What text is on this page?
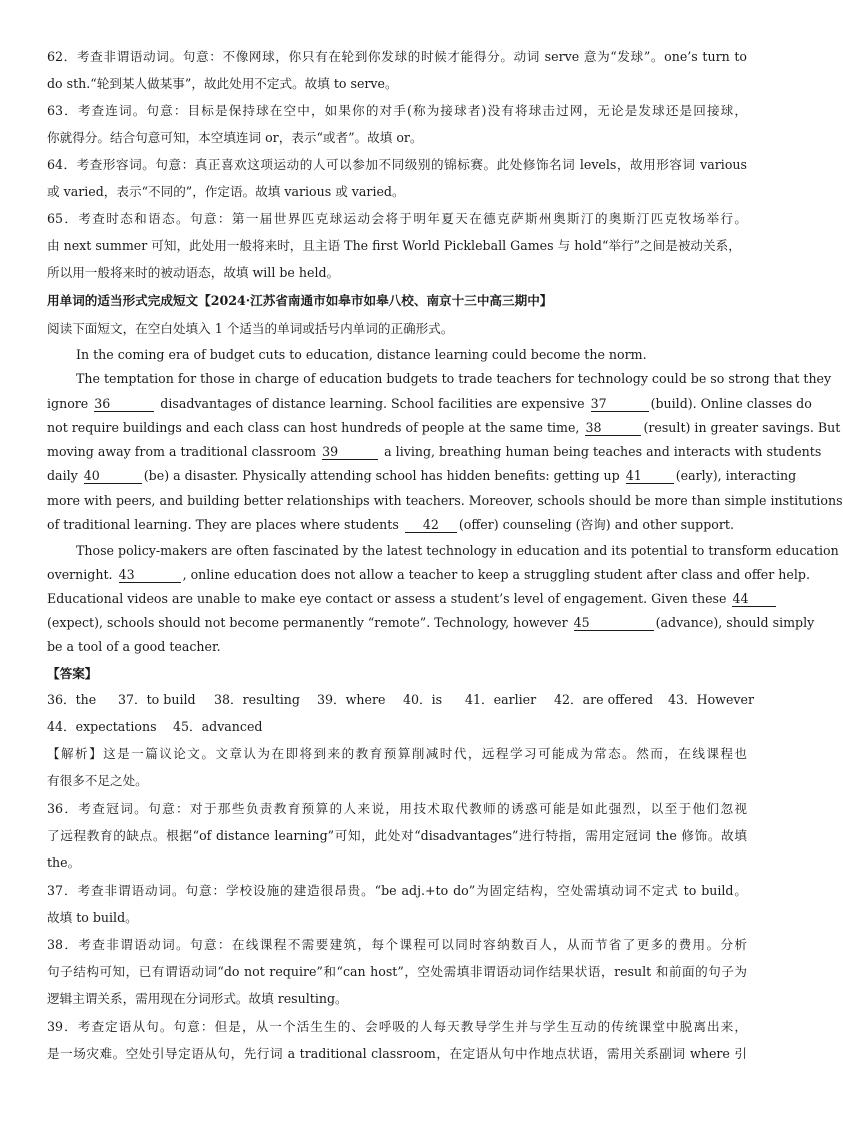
62．考查非谓语动词。句意：不像网球，你只有在轮到你发球的时候才能得分。动词 serve 意为“发球”。one’s turn to
do sth.“轮到某人做某事”，故此处用不定式。故填 to serve。
63．考查连词。句意：目标是保持球在空中，如果你的对手(称为接球者)没有将球击过网，无论是发球还是回接球，
你就得分。结合句意可知，本空填连词 or，表示“或者”。故填 or。
64．考查形容词。句意：真正喜欢这项运动的人可以参加不同级别的锦标赛。此处修饰名词 levels，故用形容词 various
或 varied，表示“不同的”，作定语。故填 various 或 varied。
65．考查时态和语态。句意：第一届世界匹克球运动会将于明年夏天在德克萨斯州奥斯汀的奥斯汀匹克牧场举行。
由 next summer 可知，此处用一般将来时，且主语 The first World Pickleball Games 与 hold“举行”之间是被动关系，
所以用一般将来时的被动语态，故填 will be held。
用单词的适当形式完成短文【2024·江苏省南通市如皋市如皋八校、南京十三中高三期中】
阅读下面短文，在空白处填入 1 个适当的单词或括号内单词的正确形式。
In the coming era of budget cuts to education, distance learning could become the norm.
The temptation for those in charge of education budgets to trade teachers for technology could be so strong that they
ignore 36	disadvantages of distance learning. School facilities are expensive 37	(build). Online classes do
not require buildings and each class can host hundreds of people at the same time, 38	(result) in greater savings. But
moving away from a traditional classroom 39	a living, breathing human being teaches and interacts with students
daily 40	(be) a disaster. Physically attending school has hidden benefits: getting up 41	(early), interacting
more with peers, and building better relationships with teachers. Moreover, schools should be more than simple institutions
of traditional learning. They are places where students 42 (offer) counseling (咨询) and other support.
Those policy-makers are often fascinated by the latest technology in education and its potential to transform education
overnight. 43	, online education does not allow a teacher to keep a struggling student after class and offer help.
Educational videos are unable to make eye contact or assess a student’s level of engagement. Given these 44
(expect), schools should not become permanently “remote”. Technology, however 45	(advance), should simply
be a tool of a good teacher.
【答案】
36．the 37．to build 38．resulting 39．where 40．is 41．earlier 42．are offered 43．However
44．expectations 45．advanced
【解析】这是一篇议论文。文章认为在即将到来的教育预算削减时代，远程学习可能成为常态。然而，在线课程也
有很多不足之处。
36．考查冠词。句意：对于那些负责教育预算的人来说，用技术取代教师的诱惑可能是如此强烈，以至于他们忽视
了远程教育的缺点。根据“of distance learning”可知，此处对“disadvantages”进行特指，需用定冠词 the 修饰。故填
the。
37．考查非谓语动词。句意：学校设施的建造很昂贵。“be adj.+to do”为固定结构，空处需填动词不定式 to build。
故填 to build。
38．考查非谓语动词。句意：在线课程不需要建筑，每个课程可以同时容纳数百人，从而节省了更多的费用。分析
句子结构可知，已有谓语动词“do not require”和“can host”，空处需填非谓语动词作结果状语，result 和前面的句子为
逻辑主谓关系，需用现在分词形式。故填 resulting。
39．考查定语从句。句意：但是，从一个活生生的、会呼吸的人每天教导学生并与学生互动的传统课堂中脱离出来，
是一场灾难。空处引导定语从句，先行词 a traditional classroom，在定语从句中作地点状语，需用关系副词 where 引
